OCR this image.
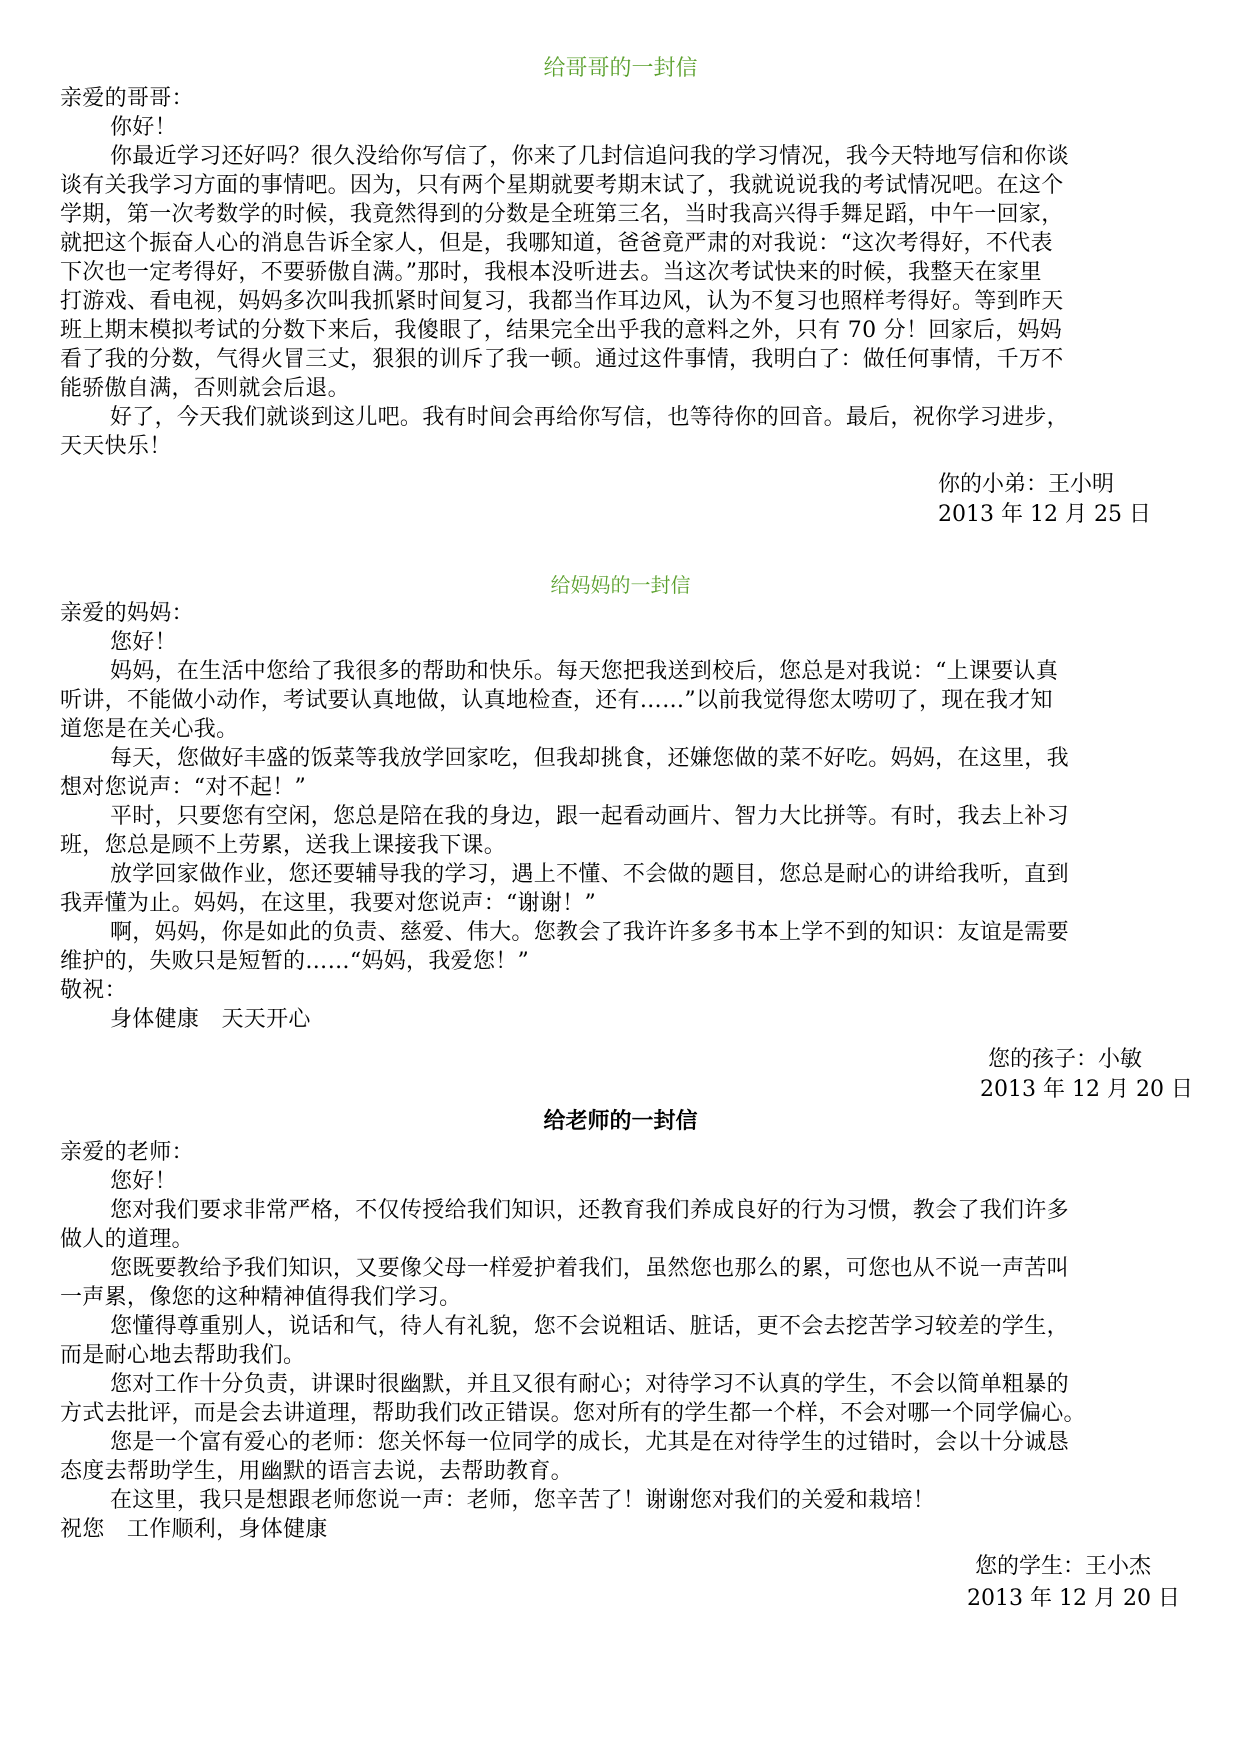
给哥哥的一封信
亲爱的哥哥：
你好！
你最近学习还好吗？很久没给你写信了，你来了几封信追问我的学习情况，我今天特地写信和你谈
谈有关我学习方面的事情吧。因为，只有两个星期就要考期末试了，我就说说我的考试情况吧。在这个
学期，第一次考数学的时候，我竟然得到的分数是全班第三名，当时我高兴得手舞足蹈，中午一回家，
就把这个振奋人心的消息告诉全家人，但是，我哪知道，爸爸竟严肃的对我说：“这次考得好，不代表
下次也一定考得好，不要骄傲自满。”那时，我根本没听进去。当这次考试快来的时候，我整天在家里
打游戏、看电视，妈妈多次叫我抓紧时间复习，我都当作耳边风，认为不复习也照样考得好。等到昨天
班上期末模拟考试的分数下来后，我傻眼了，结果完全出乎我的意料之外，只有 70 分！回家后，妈妈
看了我的分数，气得火冒三丈，狠狠的训斥了我一顿。通过这件事情，我明白了：做任何事情，千万不
能骄傲自满，否则就会后退。
好了，今天我们就谈到这儿吧。我有时间会再给你写信，也等待你的回音。最后，祝你学习进步，
天天快乐！
你的小弟：王小明
2013 年 12 月 25 日
给妈妈的一封信
亲爱的妈妈：
您好！
妈妈，在生活中您给了我很多的帮助和快乐。每天您把我送到校后，您总是对我说：“上课要认真
听讲，不能做小动作，考试要认真地做，认真地检查，还有……”以前我觉得您太唠叨了，现在我才知
道您是在关心我。
每天，您做好丰盛的饭菜等我放学回家吃，但我却挑食，还嫌您做的菜不好吃。妈妈，在这里，我
想对您说声：“对不起！”
平时，只要您有空闲，您总是陪在我的身边，跟一起看动画片、智力大比拼等。有时，我去上补习
班，您总是顾不上劳累，送我上课接我下课。
放学回家做作业，您还要辅导我的学习，遇上不懂、不会做的题目，您总是耐心的讲给我听，直到
我弄懂为止。妈妈，在这里，我要对您说声：“谢谢！”
啊，妈妈，你是如此的负责、慈爱、伟大。您教会了我许许多多书本上学不到的知识：友谊是需要
维护的，失败只是短暂的……“妈妈，我爱您！”
敬祝：
身体健康　天天开心
您的孩子：小敏
2013 年 12 月 20 日
给老师的一封信
亲爱的老师：
您好！
您对我们要求非常严格，不仅传授给我们知识，还教育我们养成良好的行为习惯，教会了我们许多
做人的道理。
您既要教给予我们知识，又要像父母一样爱护着我们，虽然您也那么的累，可您也从不说一声苦叫
一声累，像您的这种精神值得我们学习。
您懂得尊重别人，说话和气，待人有礼貌，您不会说粗话、脏话，更不会去挖苦学习较差的学生，
而是耐心地去帮助我们。
您对工作十分负责，讲课时很幽默，并且又很有耐心；对待学习不认真的学生，不会以简单粗暴的
方式去批评，而是会去讲道理，帮助我们改正错误。您对所有的学生都一个样，不会对哪一个同学偏心。
您是一个富有爱心的老师：您关怀每一位同学的成长，尤其是在对待学生的过错时，会以十分诚恳
态度去帮助学生，用幽默的语言去说，去帮助教育。
在这里，我只是想跟老师您说一声：老师，您辛苦了！谢谢您对我们的关爱和栽培！
祝您　工作顺利，身体健康
您的学生：王小杰
2013 年 12 月 20 日
